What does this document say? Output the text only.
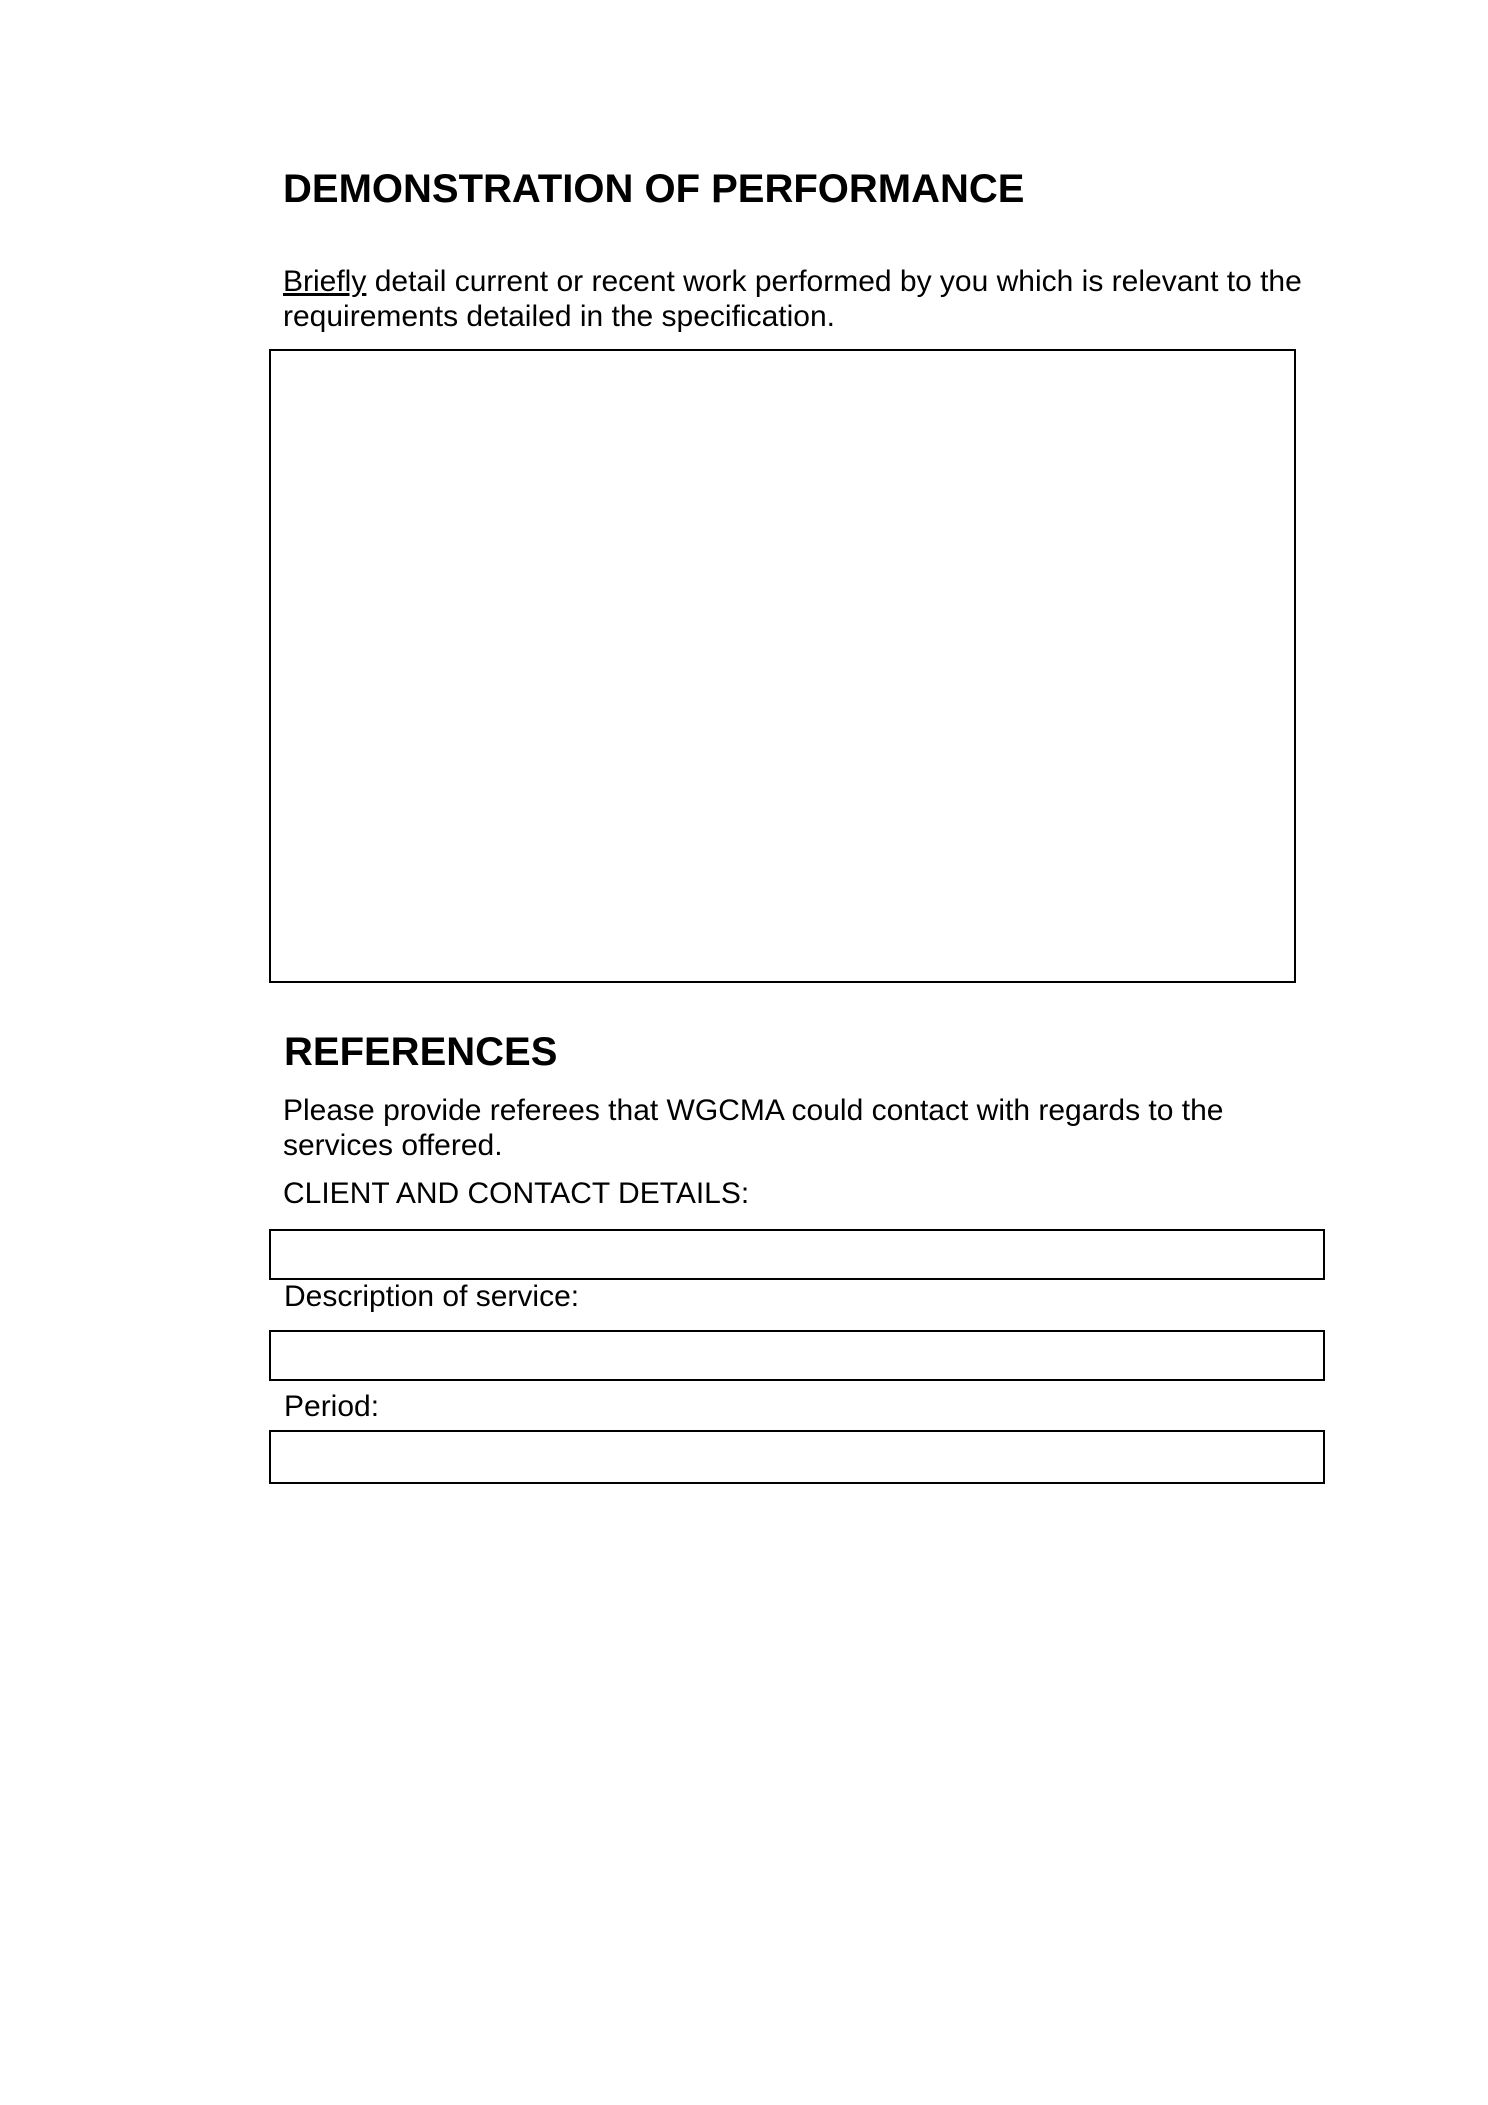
DEMONSTRATION OF PERFORMANCE

Briefly detail current or recent work performed by you which is relevant to the requirements detailed in the specification.

REFERENCES

Please provide referees that WGCMA could contact with regards to the services offered.

CLIENT AND CONTACT DETAILS:

Description of service:

Period:
